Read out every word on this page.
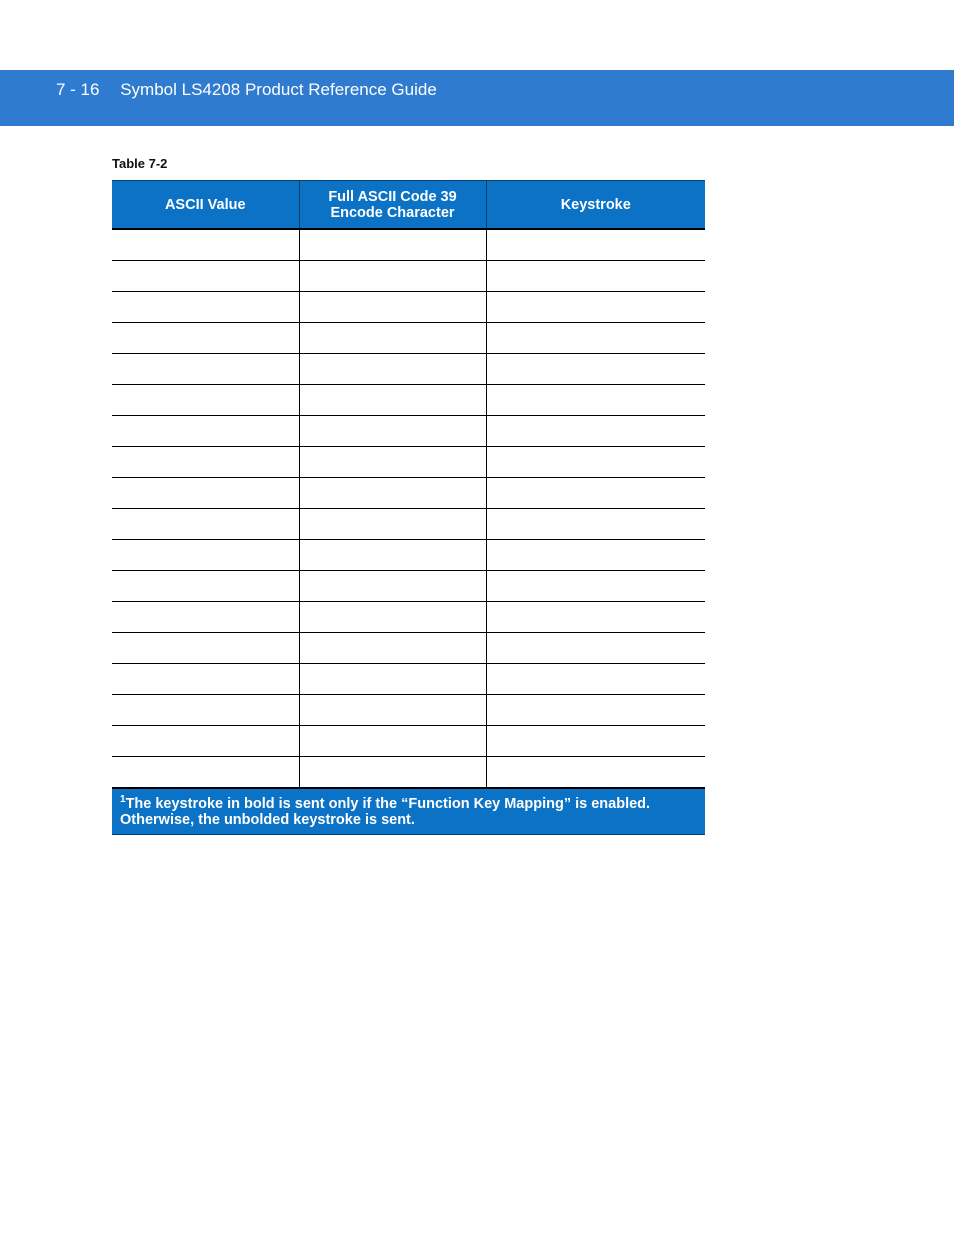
7 - 16 Symbol LS4208 Product Reference Guide
Table 7-2
ASCII Value	Full ASCII Code 39 Encode Character	Keystroke

$^1$The keystroke in bold is sent only if the “Function Key Mapping” is enabled.
Otherwise, the unbolded keystroke is sent.		
